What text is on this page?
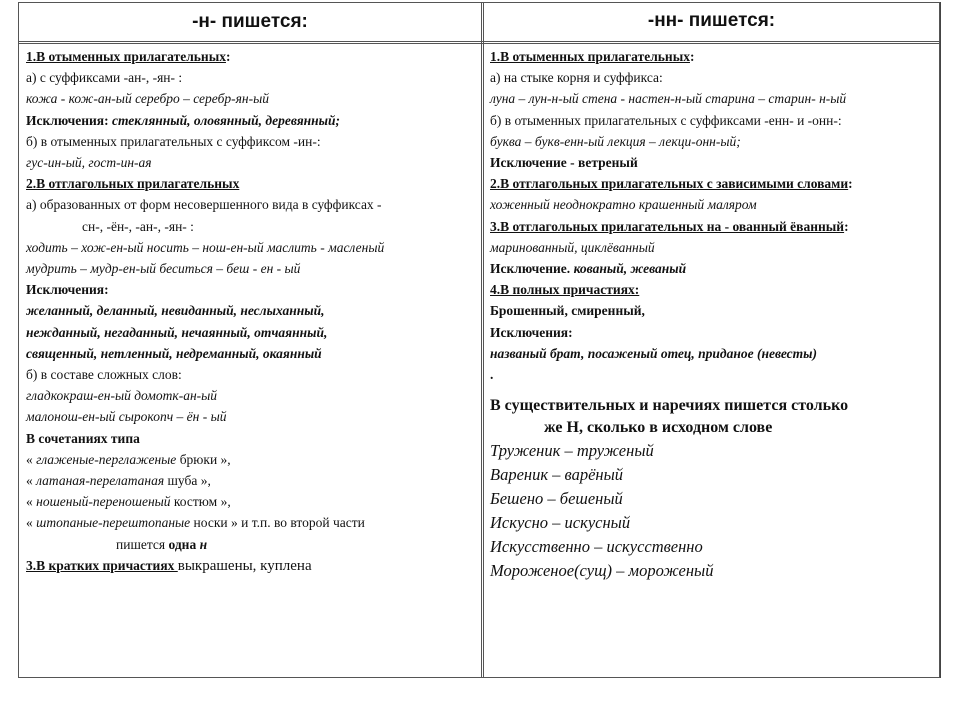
-н- пишется:	-нн- пишется:
1.В отыменных прилагательных:
а) с суффиксами -ан-, -ян- :
кожа - кож-ан-ый серебро – серебр-ян-ый
Исключения: стеклянный, оловянный, деревянный;
б) в отыменных прилагательных с суффиксом -ин-:
гус-ин-ый, гост-ин-ая
2.В отглагольных прилагательных
а) образованных от форм несовершенного вида в суффиксах -
сн-, -ён-, -ан-, -ян- :
ходить – хож-ен-ый носить – нош-ен-ый маслить - масленый
мудрить – мудр-ен-ый беситься – беш - ен - ый
Исключения:
желанный, деланный, невиданный, неслыханный,
нежданный, негаданный, нечаянный, отчаянный,
священный, нетленный, недреманный, окаянный
б) в составе сложных слов:
гладкокраш-ен-ый домотк-ан-ый
малонош-ен-ый сырокопч – ён - ый
В сочетаниях типа
« глаженые-перглаженые брюки »,
« латаная-перелатаная шуба »,
« ношеный-переношеный костюм »,
« штопаные-перештопаные носки » и т.п. во второй части
пишется одна н
3.В кратких причастиях выкрашены, куплена
1.В отыменных прилагательных:
а) на стыке корня и суффикса:
луна – лун-н-ый стена - настен-н-ый старина – старин- н-ый
б) в отыменных прилагательных с суффиксами -енн- и -онн-:
буква – букв-енн-ый лекция – лекци-онн-ый;
Исключение - ветреный
2.В отглагольных прилагательных с зависимыми словами:
хоженный неоднократно крашенный маляром
3.В отглагольных прилагательных на - ованный ёванный:
маринованный, циклёванный
Исключение. кованый, жеваный
4.В полных причастиях:
Брошенный, смиренный,
Исключения:
названый брат, посаженый отец, приданое (невесты)
.
В существительных и наречиях пишется столько
же Н, сколько в исходном слове
Труженик – труженый
Вареник – варёный
Бешено – бешеный
Искусно – искусный
Искусственно – искусственно
Мороженое(сущ) – мороженый
